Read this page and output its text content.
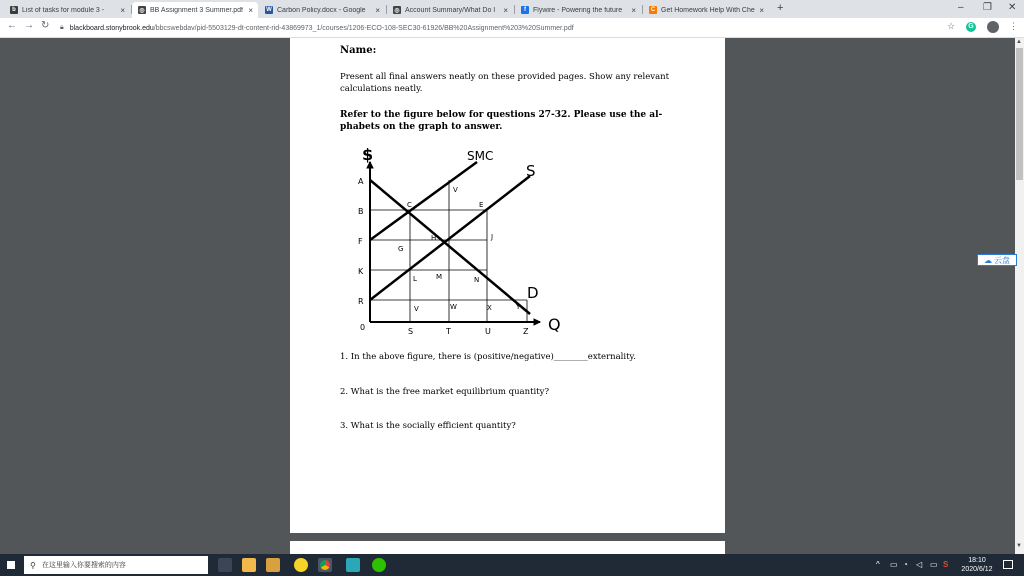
b List of tasks for module 3 -	× ◎ BB Assignment 3 Summer.pdf × W Carbon Policy.docx - Google	× ◎ Account Summary/What Do I	×	f	Flywire - Powering the future	×	C Get Homework Help With Che × +	– ❐ ✕
← → ↻ 🔒︎ blackboard.stonybrook.edu /bbcswebdav/pid-5503129-dt-content-rid-43869973_1/courses/1206-ECO-108-SEC30-61926/BB%20Assignment%203%20Summer.pdf	☆	G	⋮
Name:
Present all final answers neatly on these provided pages. Show any relevant calculations neatly.
Refer to the figure below for questions 27-32. Please use the al- phabets on the graph to answer.
$	SMC
S
D
Q
A
B
F
K
R
0	S	T	U	Z
C
V
E
H	J
G
L	M	N
V	W	X	Y
1. In the above figure, there is (positive/negative)________externality.
2. What is the free market equilibrium quantity?
3. What is the socially efficient quantity?
▲
▼
☁ 云盘
⚲ 在这里输入你要搜索的内容	^ ▭ ◔ ◁ ▭ S	18:10
2020/6/12
